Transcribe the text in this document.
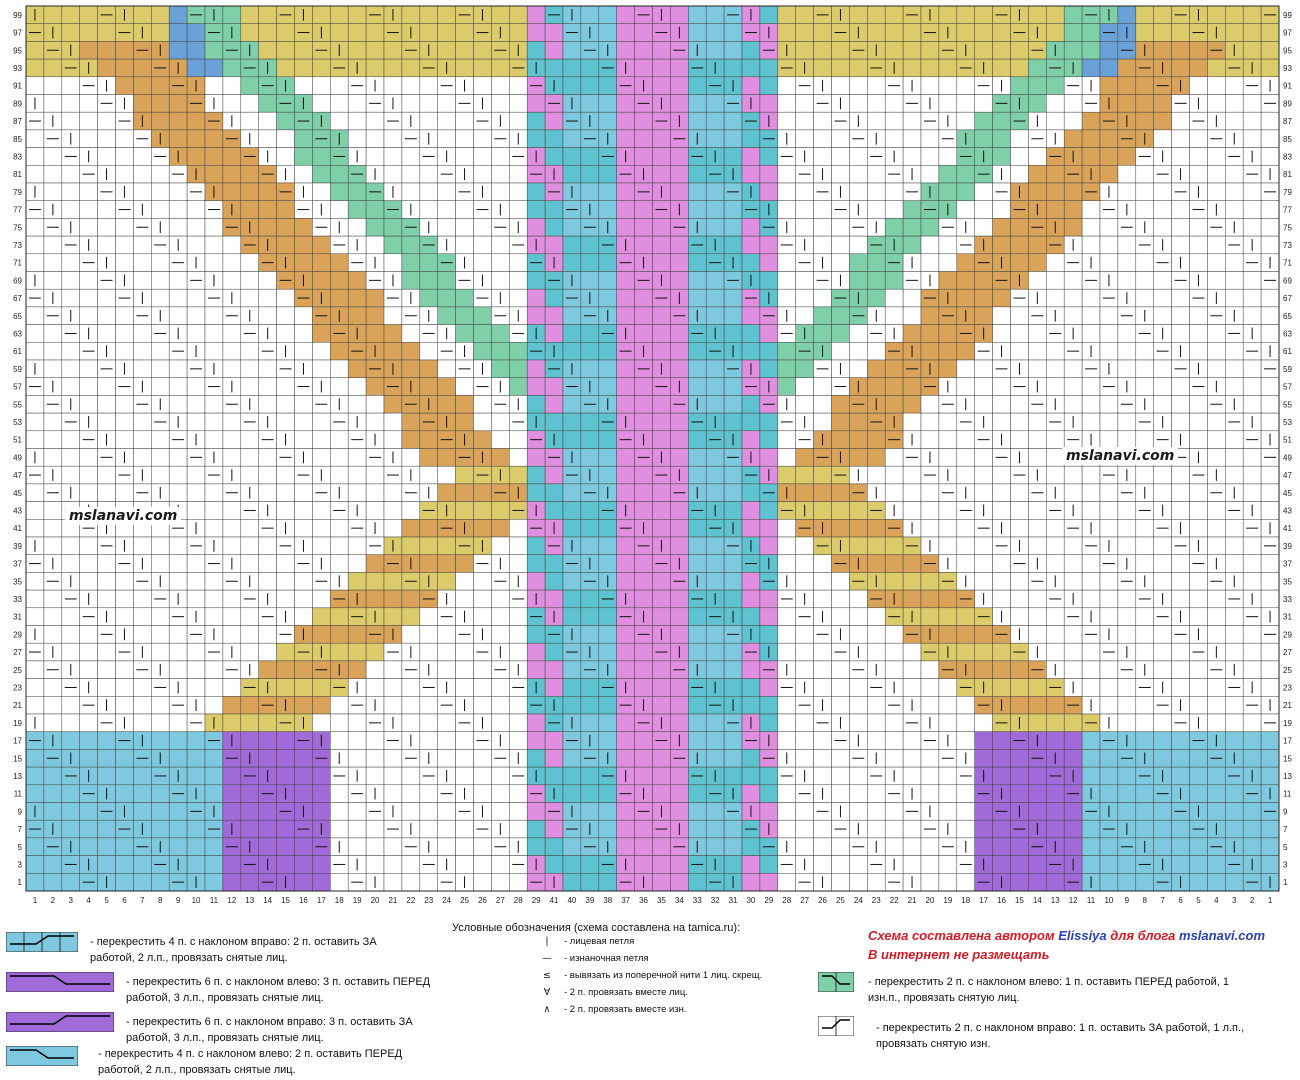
1	1
3	3
5	5
7	7
9	9
11	11
13	13
15	15
17	17
19	19
21	21
23	23
25	25
27	27
29	29
31	31
33	33
35	35
37	37
39	39
41	41
43	43
45	45
47	47
49	49
51	51
53	53
55	55
57	57
59	59
61	61
63	63
65	65
67	67
69	69
71	71
73	73
75	75
77	77
79	79
81	81
83	83
85	85
87	87
89	89
91	91
93	93
95	95
97	97
99	99
1 2 3 4 5 6 7 8 9 10 11 12 13 14 15 16 17 18 19 20 21 22 23 24 25 26 27 28 29 41 40 39 38 37 36 35 34 33 32 31 30 29 28 27 26 25 24 23 22 21 20 19 18 17 16 15 14 13 12 11 10 9 8 7 6 5 4 3 2 1
mslanavi.com
mslanavi.com
- перекрестить 4 п. с наклоном вправо: 2 п. оставить ЗА работой, 2 л.п., провязать снятые лиц.
- перекрестить 6 п. с наклоном влево: 3 п. оставить ПЕРЕД работой, 3 л.п., провязать снятые лиц.
- перекрестить 6 п. с наклоном вправо: 3 п. оставить ЗА работой, 3 л.п., провязать снятые лиц.
- перекрестить 4 п. с наклоном влево: 2 п. оставить ПЕРЕД работой, 2 л.п., провязать снятые лиц.
Условные обозначения (схема составлена на tamica.ru):
|	- лицевая петля
—	- изнаночная петля
≤	- вывязать из поперечной нити 1 лиц. скрещ.
∀	- 2 п. провязать вместе лиц.
∧	- 2 п. провязать вместе изн.
Схема составлена автором Elissiya для блога mslanavi.com
В интернет не размещать
- перекрестить 2 п. с наклоном влево: 1 п. оставить ПЕРЕД работой, 1 изн.п., провязать снятую лиц.
- перекрестить 2 п. с наклоном вправо: 1 п. оставить ЗА работой, 1 л.п., провязать снятую изн.
